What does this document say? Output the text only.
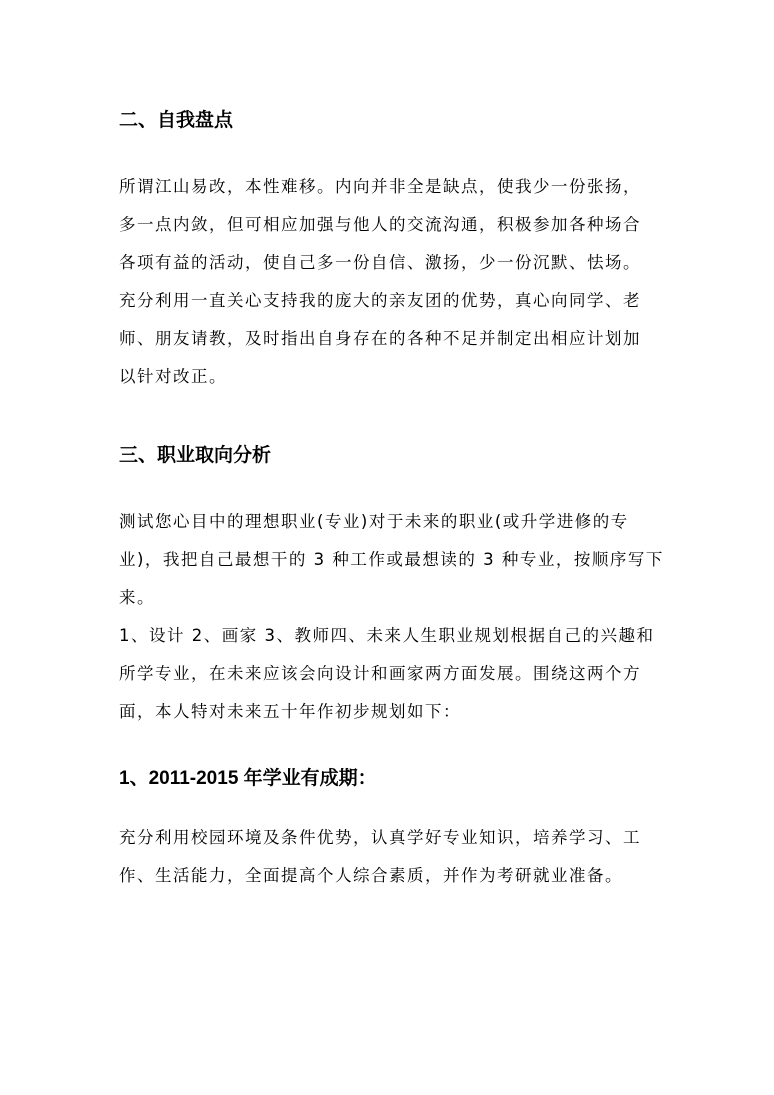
二、自我盘点
所谓江山易改，本性难移。内向并非全是缺点，使我少一份张扬，
多一点内敛，但可相应加强与他人的交流沟通，积极参加各种场合
各项有益的活动，使自己多一份自信、激扬，少一份沉默、怯场。
充分利用一直关心支持我的庞大的亲友团的优势，真心向同学、老
师、朋友请教，及时指出自身存在的各种不足并制定出相应计划加
以针对改正。
三、职业取向分析
测试您心目中的理想职业(专业)对于未来的职业(或升学进修的专
业)，我把自己最想干的 3 种工作或最想读的 3 种专业，按顺序写下
来。
1、设计 2、画家 3、教师四、未来人生职业规划根据自己的兴趣和
所学专业，在未来应该会向设计和画家两方面发展。围绕这两个方
面，本人特对未来五十年作初步规划如下：
1、2011-2015 年学业有成期：
充分利用校园环境及条件优势，认真学好专业知识，培养学习、工
作、生活能力，全面提高个人综合素质，并作为考研就业准备。
